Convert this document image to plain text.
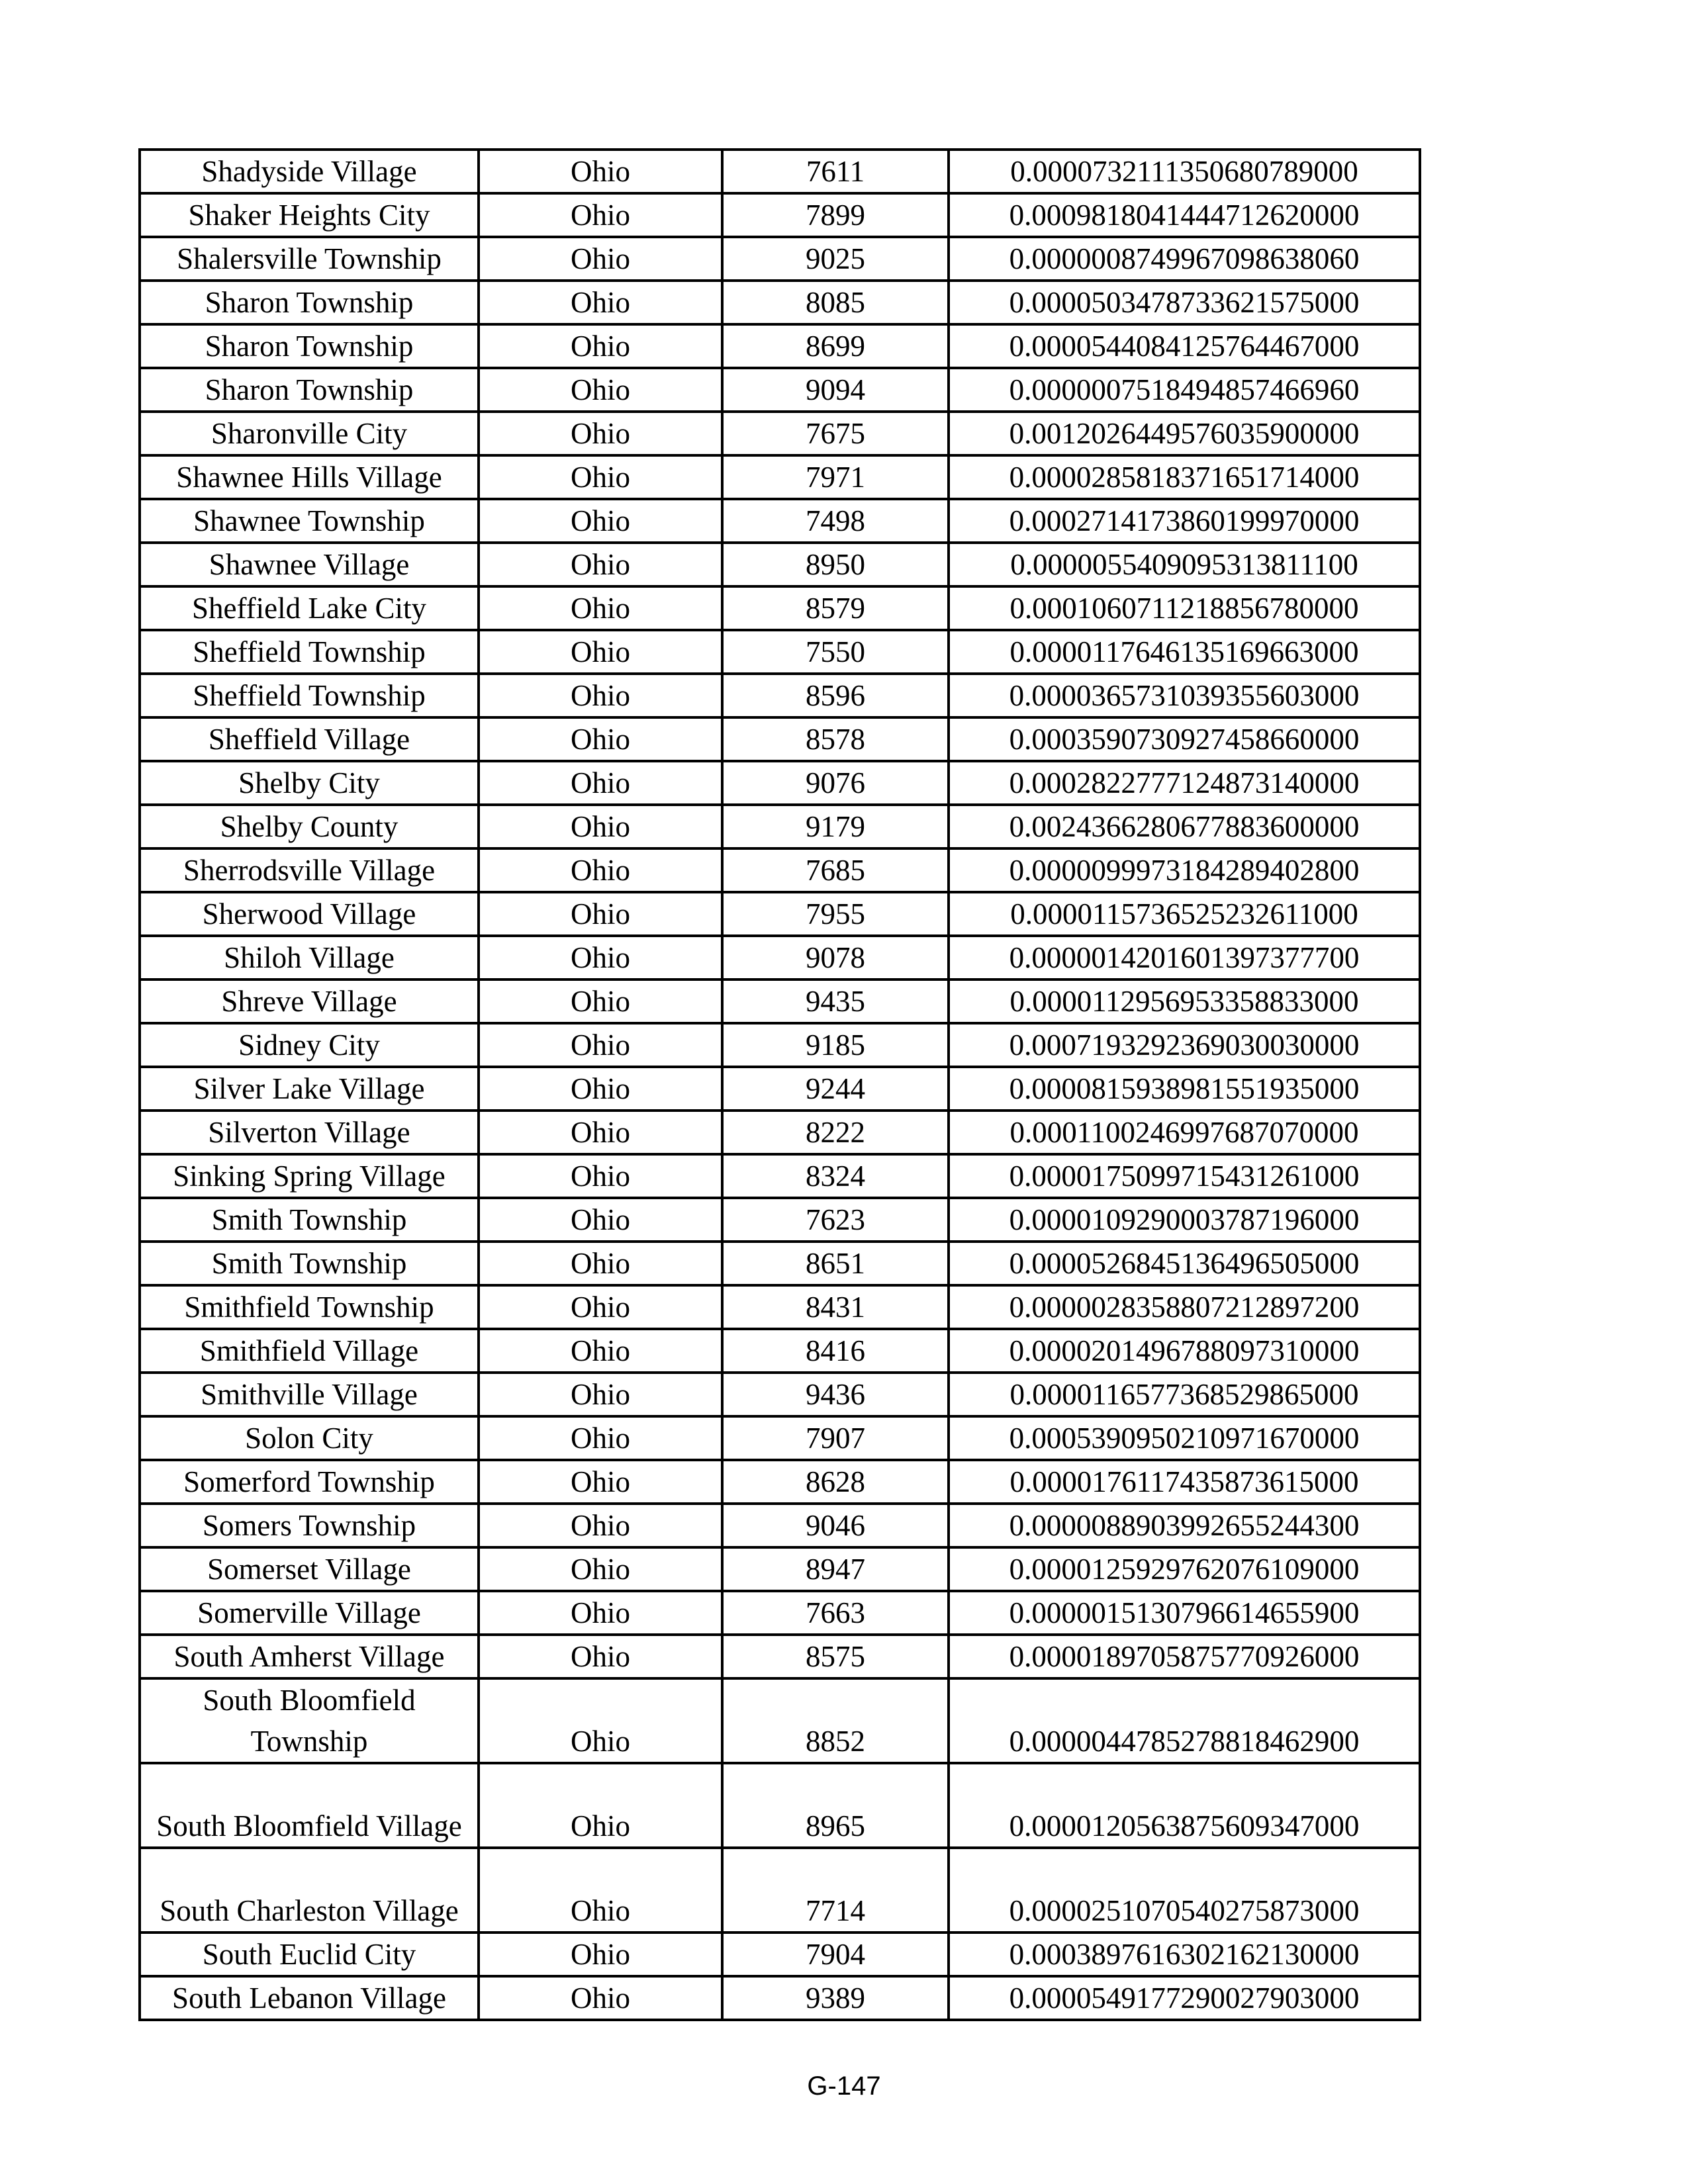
Shadyside Village	Ohio	7611	0.0000732111350680789000
Shaker Heights City	Ohio	7899	0.0009818041444712620000
Shalersville Township	Ohio	9025	0.0000008749967098638060
Sharon Township	Ohio	8085	0.0000503478733621575000
Sharon Township	Ohio	8699	0.0000544084125764467000
Sharon Township	Ohio	9094	0.0000007518494857466960
Sharonville City	Ohio	7675	0.0012026449576035900000
Shawnee Hills Village	Ohio	7971	0.0000285818371651714000
Shawnee Township	Ohio	7498	0.0002714173860199970000
Shawnee Village	Ohio	8950	0.0000055409095313811100
Sheffield Lake City	Ohio	8579	0.0001060711218856780000
Sheffield Township	Ohio	7550	0.0000117646135169663000
Sheffield Township	Ohio	8596	0.0000365731039355603000
Sheffield Village	Ohio	8578	0.0003590730927458660000
Shelby City	Ohio	9076	0.0002822777124873140000
Shelby County	Ohio	9179	0.0024366280677883600000
Sherrodsville Village	Ohio	7685	0.0000099973184289402800
Sherwood Village	Ohio	7955	0.0000115736525232611000
Shiloh Village	Ohio	9078	0.0000014201601397377700
Shreve Village	Ohio	9435	0.0000112956953358833000
Sidney City	Ohio	9185	0.0007193292369030030000
Silver Lake Village	Ohio	9244	0.0000815938981551935000
Silverton Village	Ohio	8222	0.0001100246997687070000
Sinking Spring Village	Ohio	8324	0.0000175099715431261000
Smith Township	Ohio	7623	0.0000109290003787196000
Smith Township	Ohio	8651	0.0000526845136496505000
Smithfield Township	Ohio	8431	0.0000028358807212897200
Smithfield Village	Ohio	8416	0.0000201496788097310000
Smithville Village	Ohio	9436	0.0000116577368529865000
Solon City	Ohio	7907	0.0005390950210971670000
Somerford Township	Ohio	8628	0.0000176117435873615000
Somers Township	Ohio	9046	0.0000088903992655244300
Somerset Village	Ohio	8947	0.0000125929762076109000
Somerville Village	Ohio	7663	0.0000015130796614655900
South Amherst Village	Ohio	8575	0.0000189705875770926000
South Bloomfield Township	Ohio	8852	0.0000044785278818462900
South Bloomfield Village	Ohio	8965	0.0000120563875609347000
South Charleston Village	Ohio	7714	0.0000251070540275873000
South Euclid City	Ohio	7904	0.0003897616302162130000
South Lebanon Village	Ohio	9389	0.0000549177290027903000
G-147
